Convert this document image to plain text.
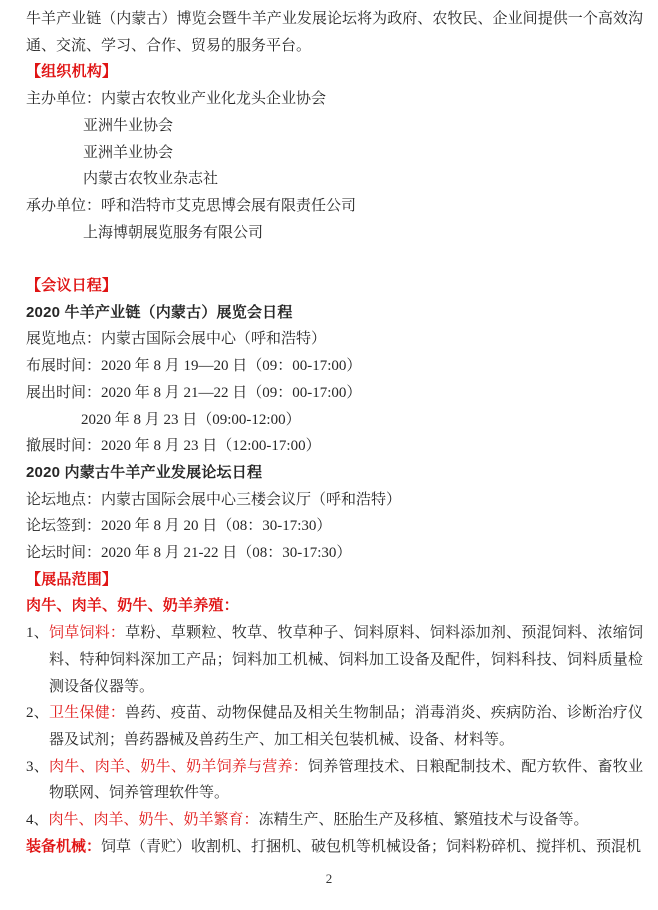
牛羊产业链（内蒙古）博览会暨牛羊产业发展论坛将为政府、农牧民、企业间提供一个高效沟通、交流、学习、合作、贸易的服务平台。
【组织机构】
主办单位：内蒙古农牧业产业化龙头企业协会
亚洲牛业协会
亚洲羊业协会
内蒙古农牧业杂志社
承办单位：呼和浩特市艾克思博会展有限责任公司
上海博朝展览服务有限公司
【会议日程】
2020 牛羊产业链（内蒙古）展览会日程
展览地点：内蒙古国际会展中心（呼和浩特）
布展时间：2020 年 8 月 19—20 日（09：00-17:00）
展出时间：2020 年 8 月 21—22 日（09：00-17:00）
2020 年 8 月 23 日（09:00-12:00）
撤展时间：2020 年 8 月 23 日（12:00-17:00）
2020 内蒙古牛羊产业发展论坛日程
论坛地点：内蒙古国际会展中心三楼会议厅（呼和浩特）
论坛签到：2020 年 8 月 20 日（08：30-17:30）
论坛时间：2020 年 8 月 21-22 日（08：30-17:30）
【展品范围】
肉牛、肉羊、奶牛、奶羊养殖：
1、饲草饲料：草粉、草颗粒、牧草、牧草种子、饲料原料、饲料添加剂、预混饲料、浓缩饲料、特种饲料深加工产品；饲料加工机械、饲料加工设备及配件，饲料科技、饲料质量检测设备仪器等。
2、卫生保健：兽药、疫苗、动物保健品及相关生物制品；消毒消炎、疾病防治、诊断治疗仪器及试剂；兽药器械及兽药生产、加工相关包装机械、设备、材料等。
3、肉牛、肉羊、奶牛、奶羊饲养与营养：饲养管理技术、日粮配制技术、配方软件、畜牧业物联网、饲养管理软件等。
4、肉牛、肉羊、奶牛、奶羊繁育：冻精生产、胚胎生产及移植、繁殖技术与设备等。
装备机械：饲草（青贮）收割机、打捆机、破包机等机械设备；饲料粉碎机、搅拌机、预混机
2
